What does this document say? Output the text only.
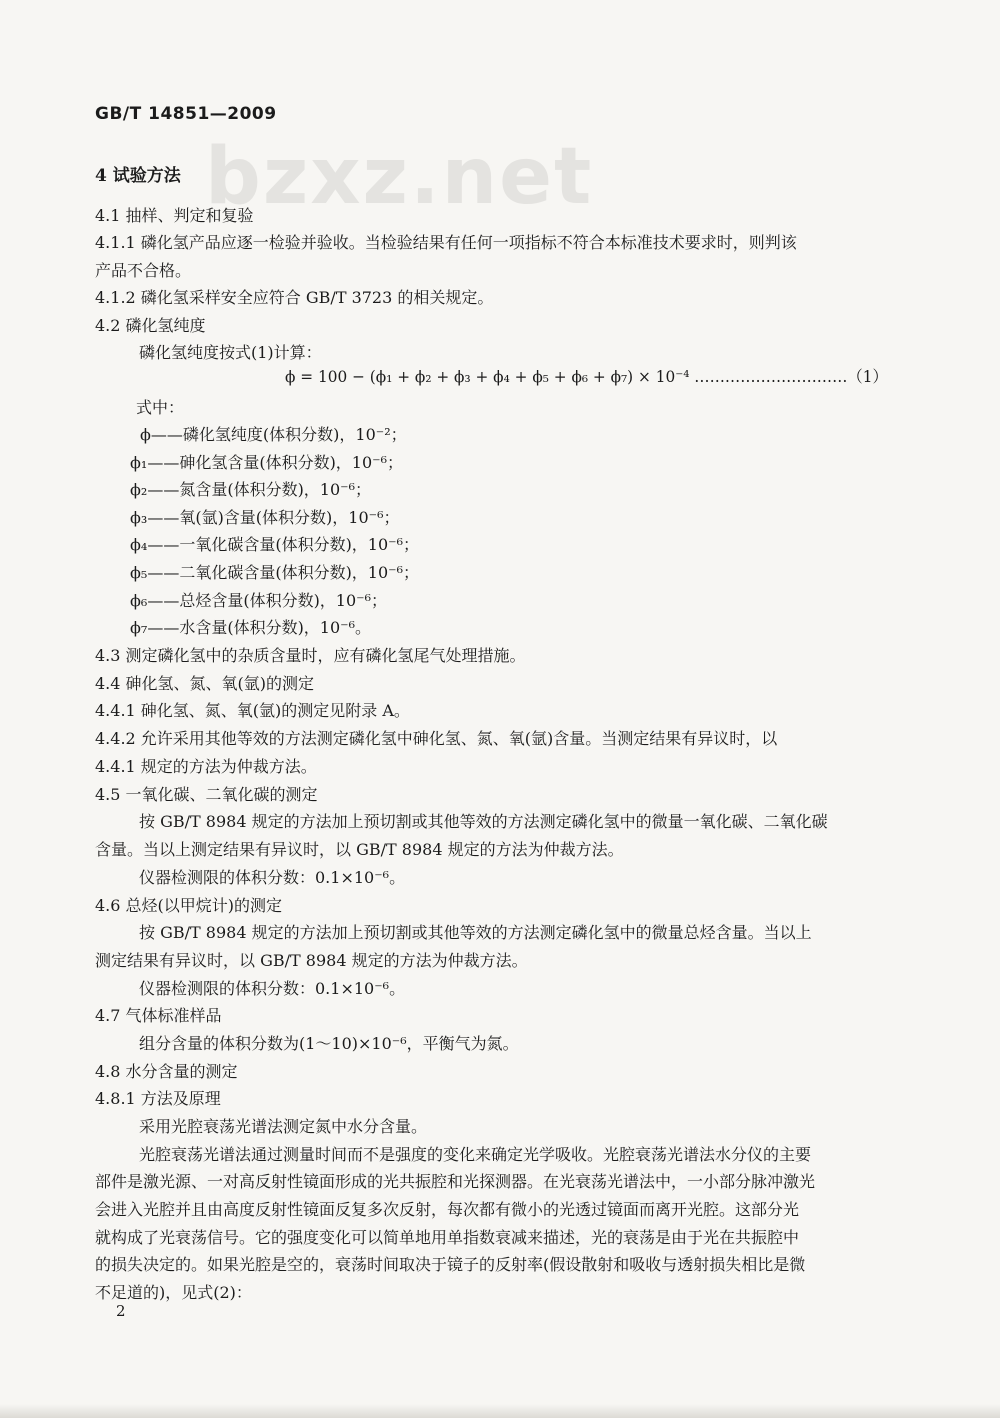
bzxz.net
GB/T 14851—2009
4 试验方法
4.1 抽样、判定和复验
4.1.1 磷化氢产品应逐一检验并验收。当检验结果有任何一项指标不符合本标准技术要求时，则判该
产品不合格。
4.1.2 磷化氢采样安全应符合 GB/T 3723 的相关规定。
4.2 磷化氢纯度
磷化氢纯度按式(1)计算：
ϕ = 100 − (ϕ₁ + ϕ₂ + ϕ₃ + ϕ₄ + ϕ₅ + ϕ₆ + ϕ₇) × 10⁻⁴ …………………………（1）
式中：
ϕ——磷化氢纯度(体积分数)，10⁻²；
ϕ₁——砷化氢含量(体积分数)，10⁻⁶；
ϕ₂——氮含量(体积分数)，10⁻⁶；
ϕ₃——氧(氩)含量(体积分数)，10⁻⁶；
ϕ₄——一氧化碳含量(体积分数)，10⁻⁶；
ϕ₅——二氧化碳含量(体积分数)，10⁻⁶；
ϕ₆——总烃含量(体积分数)，10⁻⁶；
ϕ₇——水含量(体积分数)，10⁻⁶。
4.3 测定磷化氢中的杂质含量时，应有磷化氢尾气处理措施。
4.4 砷化氢、氮、氧(氩)的测定
4.4.1 砷化氢、氮、氧(氩)的测定见附录 A。
4.4.2 允许采用其他等效的方法测定磷化氢中砷化氢、氮、氧(氩)含量。当测定结果有异议时，以
4.4.1 规定的方法为仲裁方法。
4.5 一氧化碳、二氧化碳的测定
按 GB/T 8984 规定的方法加上预切割或其他等效的方法测定磷化氢中的微量一氧化碳、二氧化碳
含量。当以上测定结果有异议时，以 GB/T 8984 规定的方法为仲裁方法。
仪器检测限的体积分数：0.1×10⁻⁶。
4.6 总烃(以甲烷计)的测定
按 GB/T 8984 规定的方法加上预切割或其他等效的方法测定磷化氢中的微量总烃含量。当以上
测定结果有异议时，以 GB/T 8984 规定的方法为仲裁方法。
仪器检测限的体积分数：0.1×10⁻⁶。
4.7 气体标准样品
组分含量的体积分数为(1～10)×10⁻⁶，平衡气为氮。
4.8 水分含量的测定
4.8.1 方法及原理
采用光腔衰荡光谱法测定氮中水分含量。
光腔衰荡光谱法通过测量时间而不是强度的变化来确定光学吸收。光腔衰荡光谱法水分仪的主要
部件是激光源、一对高反射性镜面形成的光共振腔和光探测器。在光衰荡光谱法中，一小部分脉冲激光
会进入光腔并且由高度反射性镜面反复多次反射，每次都有微小的光透过镜面而离开光腔。这部分光
就构成了光衰荡信号。它的强度变化可以简单地用单指数衰减来描述，光的衰荡是由于光在共振腔中
的损失决定的。如果光腔是空的，衰荡时间取决于镜子的反射率(假设散射和吸收与透射损失相比是微
不足道的)，见式(2)：
2
